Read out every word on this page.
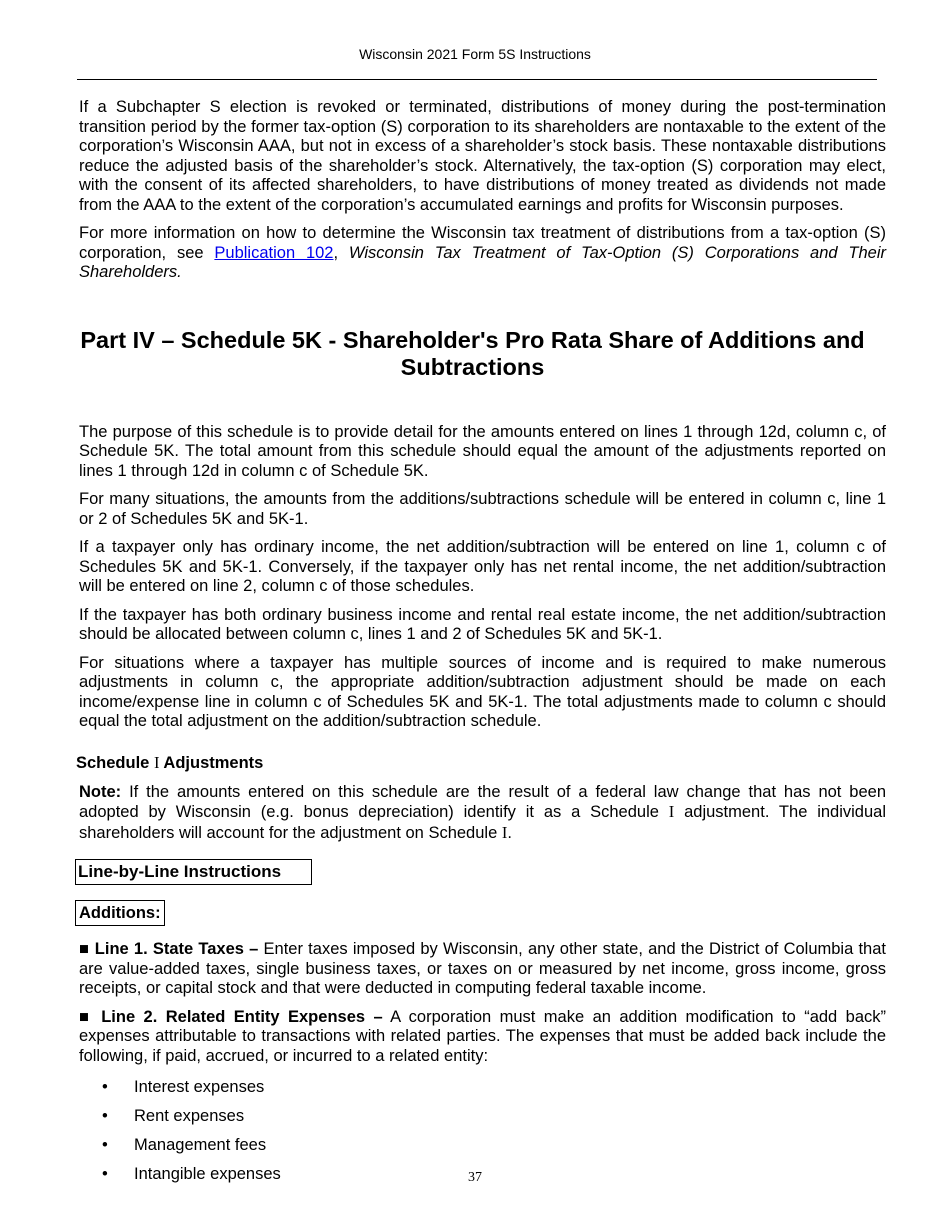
Wisconsin 2021 Form 5S Instructions

If a Subchapter S election is revoked or terminated, distributions of money during the post-termination transition period by the former tax-option (S) corporation to its shareholders are nontaxable to the extent of the corporation’s Wisconsin AAA, but not in excess of a shareholder’s stock basis. These nontaxable distributions reduce the adjusted basis of the shareholder’s stock. Alternatively, the tax-option (S) corporation may elect, with the consent of its affected shareholders, to have distributions of money treated as dividends not made from the AAA to the extent of the corporation’s accumulated earnings and profits for Wisconsin purposes.

For more information on how to determine the Wisconsin tax treatment of distributions from a tax-option (S) corporation, see Publication 102, Wisconsin Tax Treatment of Tax-Option (S) Corporations and Their Shareholders.

Part IV – Schedule 5K - Shareholder's Pro Rata Share of Additions and Subtractions

The purpose of this schedule is to provide detail for the amounts entered on lines 1 through 12d, column c, of Schedule 5K. The total amount from this schedule should equal the amount of the adjustments reported on lines 1 through 12d in column c of Schedule 5K.

For many situations, the amounts from the additions/subtractions schedule will be entered in column c, line 1 or 2 of Schedules 5K and 5K-1.

If a taxpayer only has ordinary income, the net addition/subtraction will be entered on line 1, column c of Schedules 5K and 5K-1. Conversely, if the taxpayer only has net rental income, the net addition/subtraction will be entered on line 2, column c of those schedules.

If the taxpayer has both ordinary business income and rental real estate income, the net addition/subtraction should be allocated between column c, lines 1 and 2 of Schedules 5K and 5K-1.

For situations where a taxpayer has multiple sources of income and is required to make numerous adjustments in column c, the appropriate addition/subtraction adjustment should be made on each income/expense line in column c of Schedules 5K and 5K-1. The total adjustments made to column c should equal the total adjustment on the addition/subtraction schedule.

Schedule I Adjustments

Note: If the amounts entered on this schedule are the result of a federal law change that has not been adopted by Wisconsin (e.g. bonus depreciation) identify it as a Schedule I adjustment. The individual shareholders will account for the adjustment on Schedule I.

Line-by-Line Instructions
Additions:

■ Line 1. State Taxes – Enter taxes imposed by Wisconsin, any other state, and the District of Columbia that are value-added taxes, single business taxes, or taxes on or measured by net income, gross income, gross receipts, or capital stock and that were deducted in computing federal taxable income.

■ Line 2. Related Entity Expenses – A corporation must make an addition modification to “add back” expenses attributable to transactions with related parties. The expenses that must be added back include the following, if paid, accrued, or incurred to a related entity:

• Interest expenses
• Rent expenses
• Management fees
• Intangible expenses	37
